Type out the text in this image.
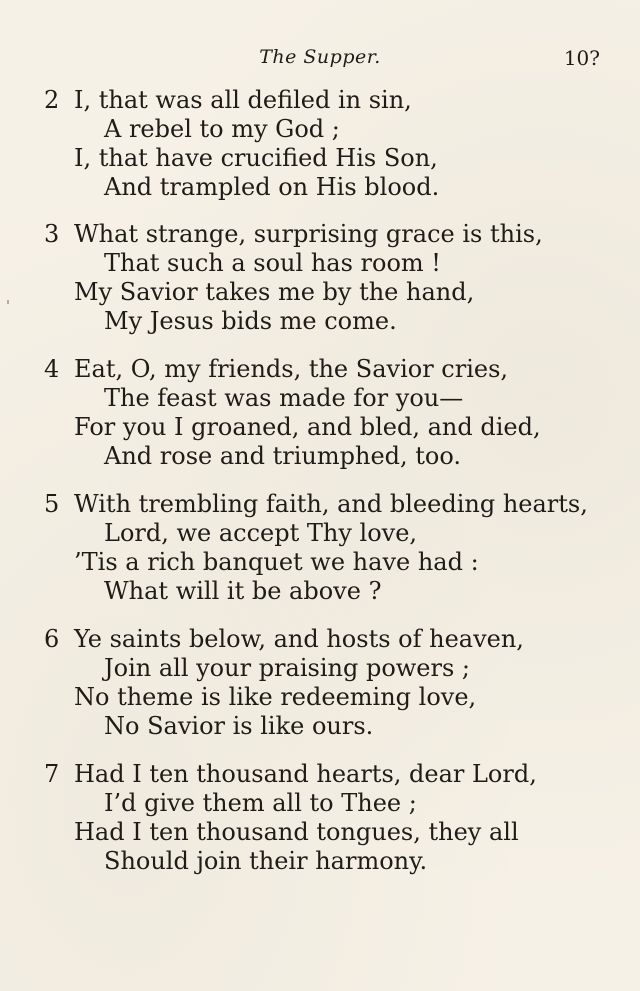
The Supper.	10?
2 I, that was all defiled in sin,
A rebel to my God ;
I, that have crucified His Son,
And trampled on His blood.
3 What strange, surprising grace is this,
That such a soul has room !
My Savior takes me by the hand,
My Jesus bids me come.
4 Eat, O, my friends, the Savior cries,
The feast was made for you—
For you I groaned, and bled, and died,
And rose and triumphed, too.
5 With trembling faith, and bleeding hearts,
Lord, we accept Thy love,
’Tis a rich banquet we have had :
What will it be above ?
6 Ye saints below, and hosts of heaven,
Join all your praising powers ;
No theme is like redeeming love,
No Savior is like ours.
7 Had I ten thousand hearts, dear Lord,
I’d give them all to Thee ;
Had I ten thousand tongues, they all
Should join their harmony.
